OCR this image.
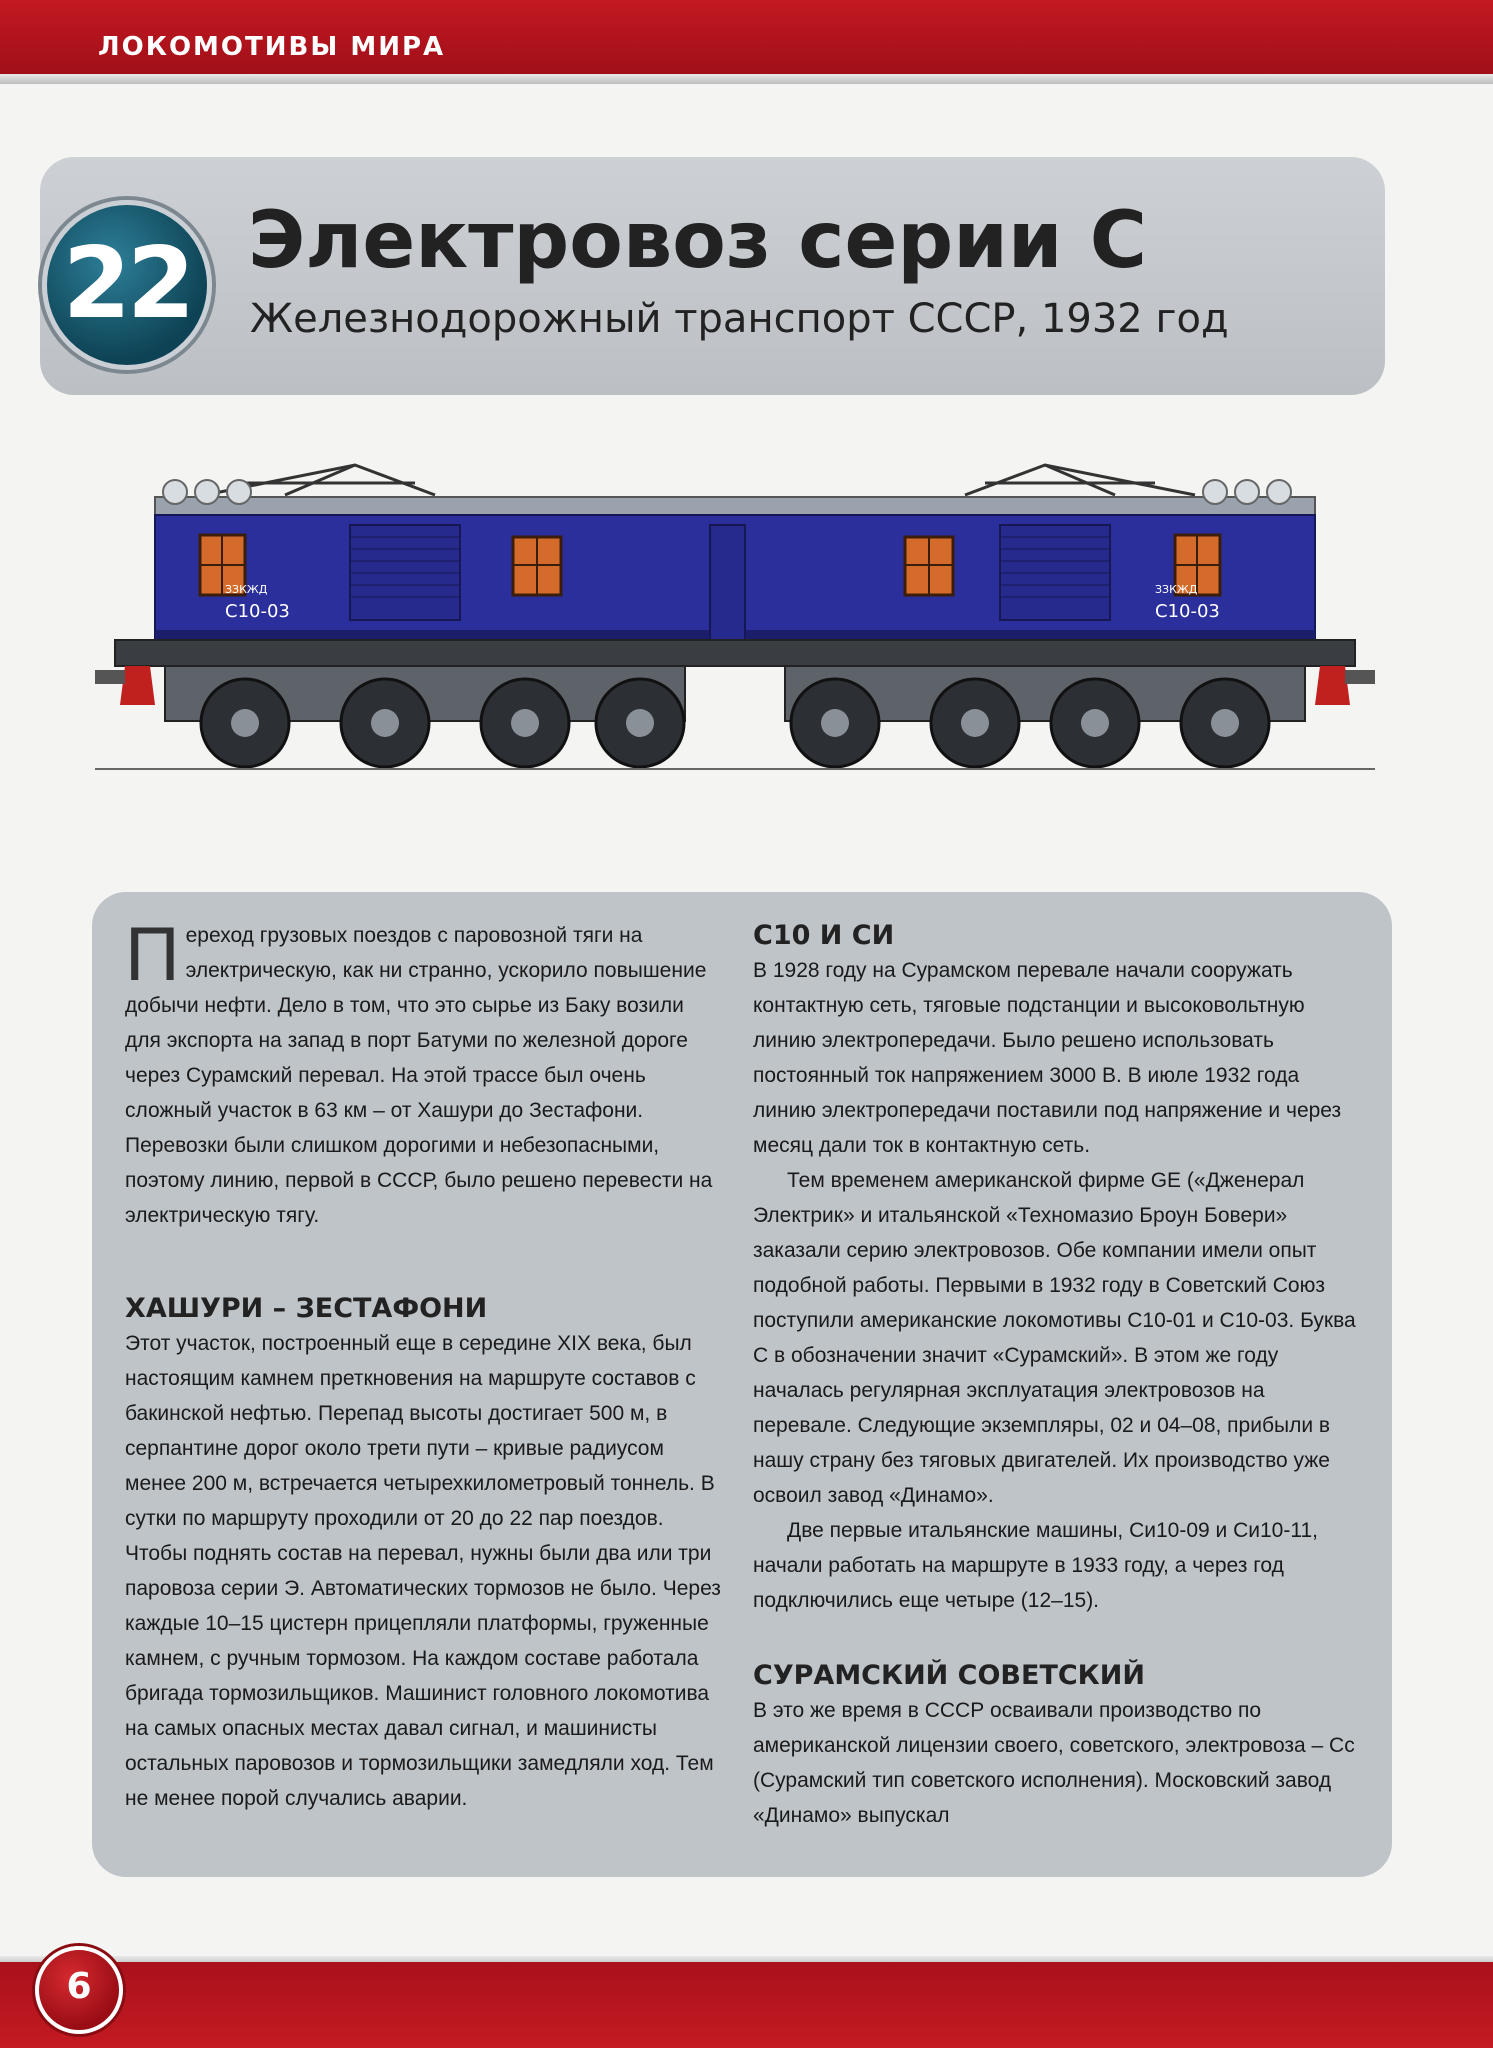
ЛОКОМОТИВЫ МИРА
22 Электровоз серии С
Железнодорожный транспорт СССР, 1932 год
С10-03	С10-03
ЗЗКЖД	ЗЗКЖД

Переход грузовых поездов с паровозной тяги на электрическую, как ни странно, ускорило повышение добычи нефти. Дело в том, что это сырье из Баку возили для экспорта на запад в порт Батуми по железной дороге через Сурамский перевал. На этой трассе был очень сложный участок в 63 км – от Хашури до Зестафони. Перевозки были слишком дорогими и небезопасными, поэтому линию, первой в СССР, было решено перевести на электрическую тягу.

ХАШУРИ – ЗЕСТАФОНИ

Этот участок, построенный еще в середине XIX века, был настоящим камнем преткновения на маршруте составов с бакинской нефтью. Перепад высоты достигает 500 м, в серпантине дорог около трети пути – кривые радиусом менее 200 м, встречается четырехкилометровый тоннель. В сутки по маршруту проходили от 20 до 22 пар поездов. Чтобы поднять состав на перевал, нужны были два или три паровоза серии Э. Автоматических тормозов не было. Через каждые 10–15 цистерн прицепляли платформы, груженные камнем, с ручным тормозом. На каждом составе работала бригада тормозильщиков. Машинист головного локомотива на самых опасных местах давал сигнал, и машинисты остальных паровозов и тормозильщики замедляли ход. Тем не менее порой случались аварии.

С10 И СИ

В 1928 году на Сурамском перевале начали сооружать контактную сеть, тяговые подстанции и высоковольтную линию электропередачи. Было решено использовать постоянный ток напряжением 3000 В. В июле 1932 года линию электропередачи поставили под напряжение и через месяц дали ток в контактную сеть.

Тем временем американской фирме GE («Дженерал Электрик» и итальянской «Техномазио Броун Бовери» заказали серию электровозов. Обе компании имели опыт подобной работы. Первыми в 1932 году в Советский Союз поступили американские локомотивы С10-01 и С10-03. Буква С в обозначении значит «Сурамский». В этом же году началась регулярная эксплуатация электровозов на перевале. Следующие экземпляры, 02 и 04–08, прибыли в нашу страну без тяговых двигателей. Их производство уже освоил завод «Динамо».

Две первые итальянские машины, Си10-09 и Си10-11, начали работать на маршруте в 1933 году, а через год подключились еще четыре (12–15).

СУРАМСКИЙ СОВЕТСКИЙ

В это же время в СССР осваивали производство по американской лицензии своего, советского, электровоза – Сс (Сурамский тип советского исполнения). Московский завод «Динамо» выпускал

6
